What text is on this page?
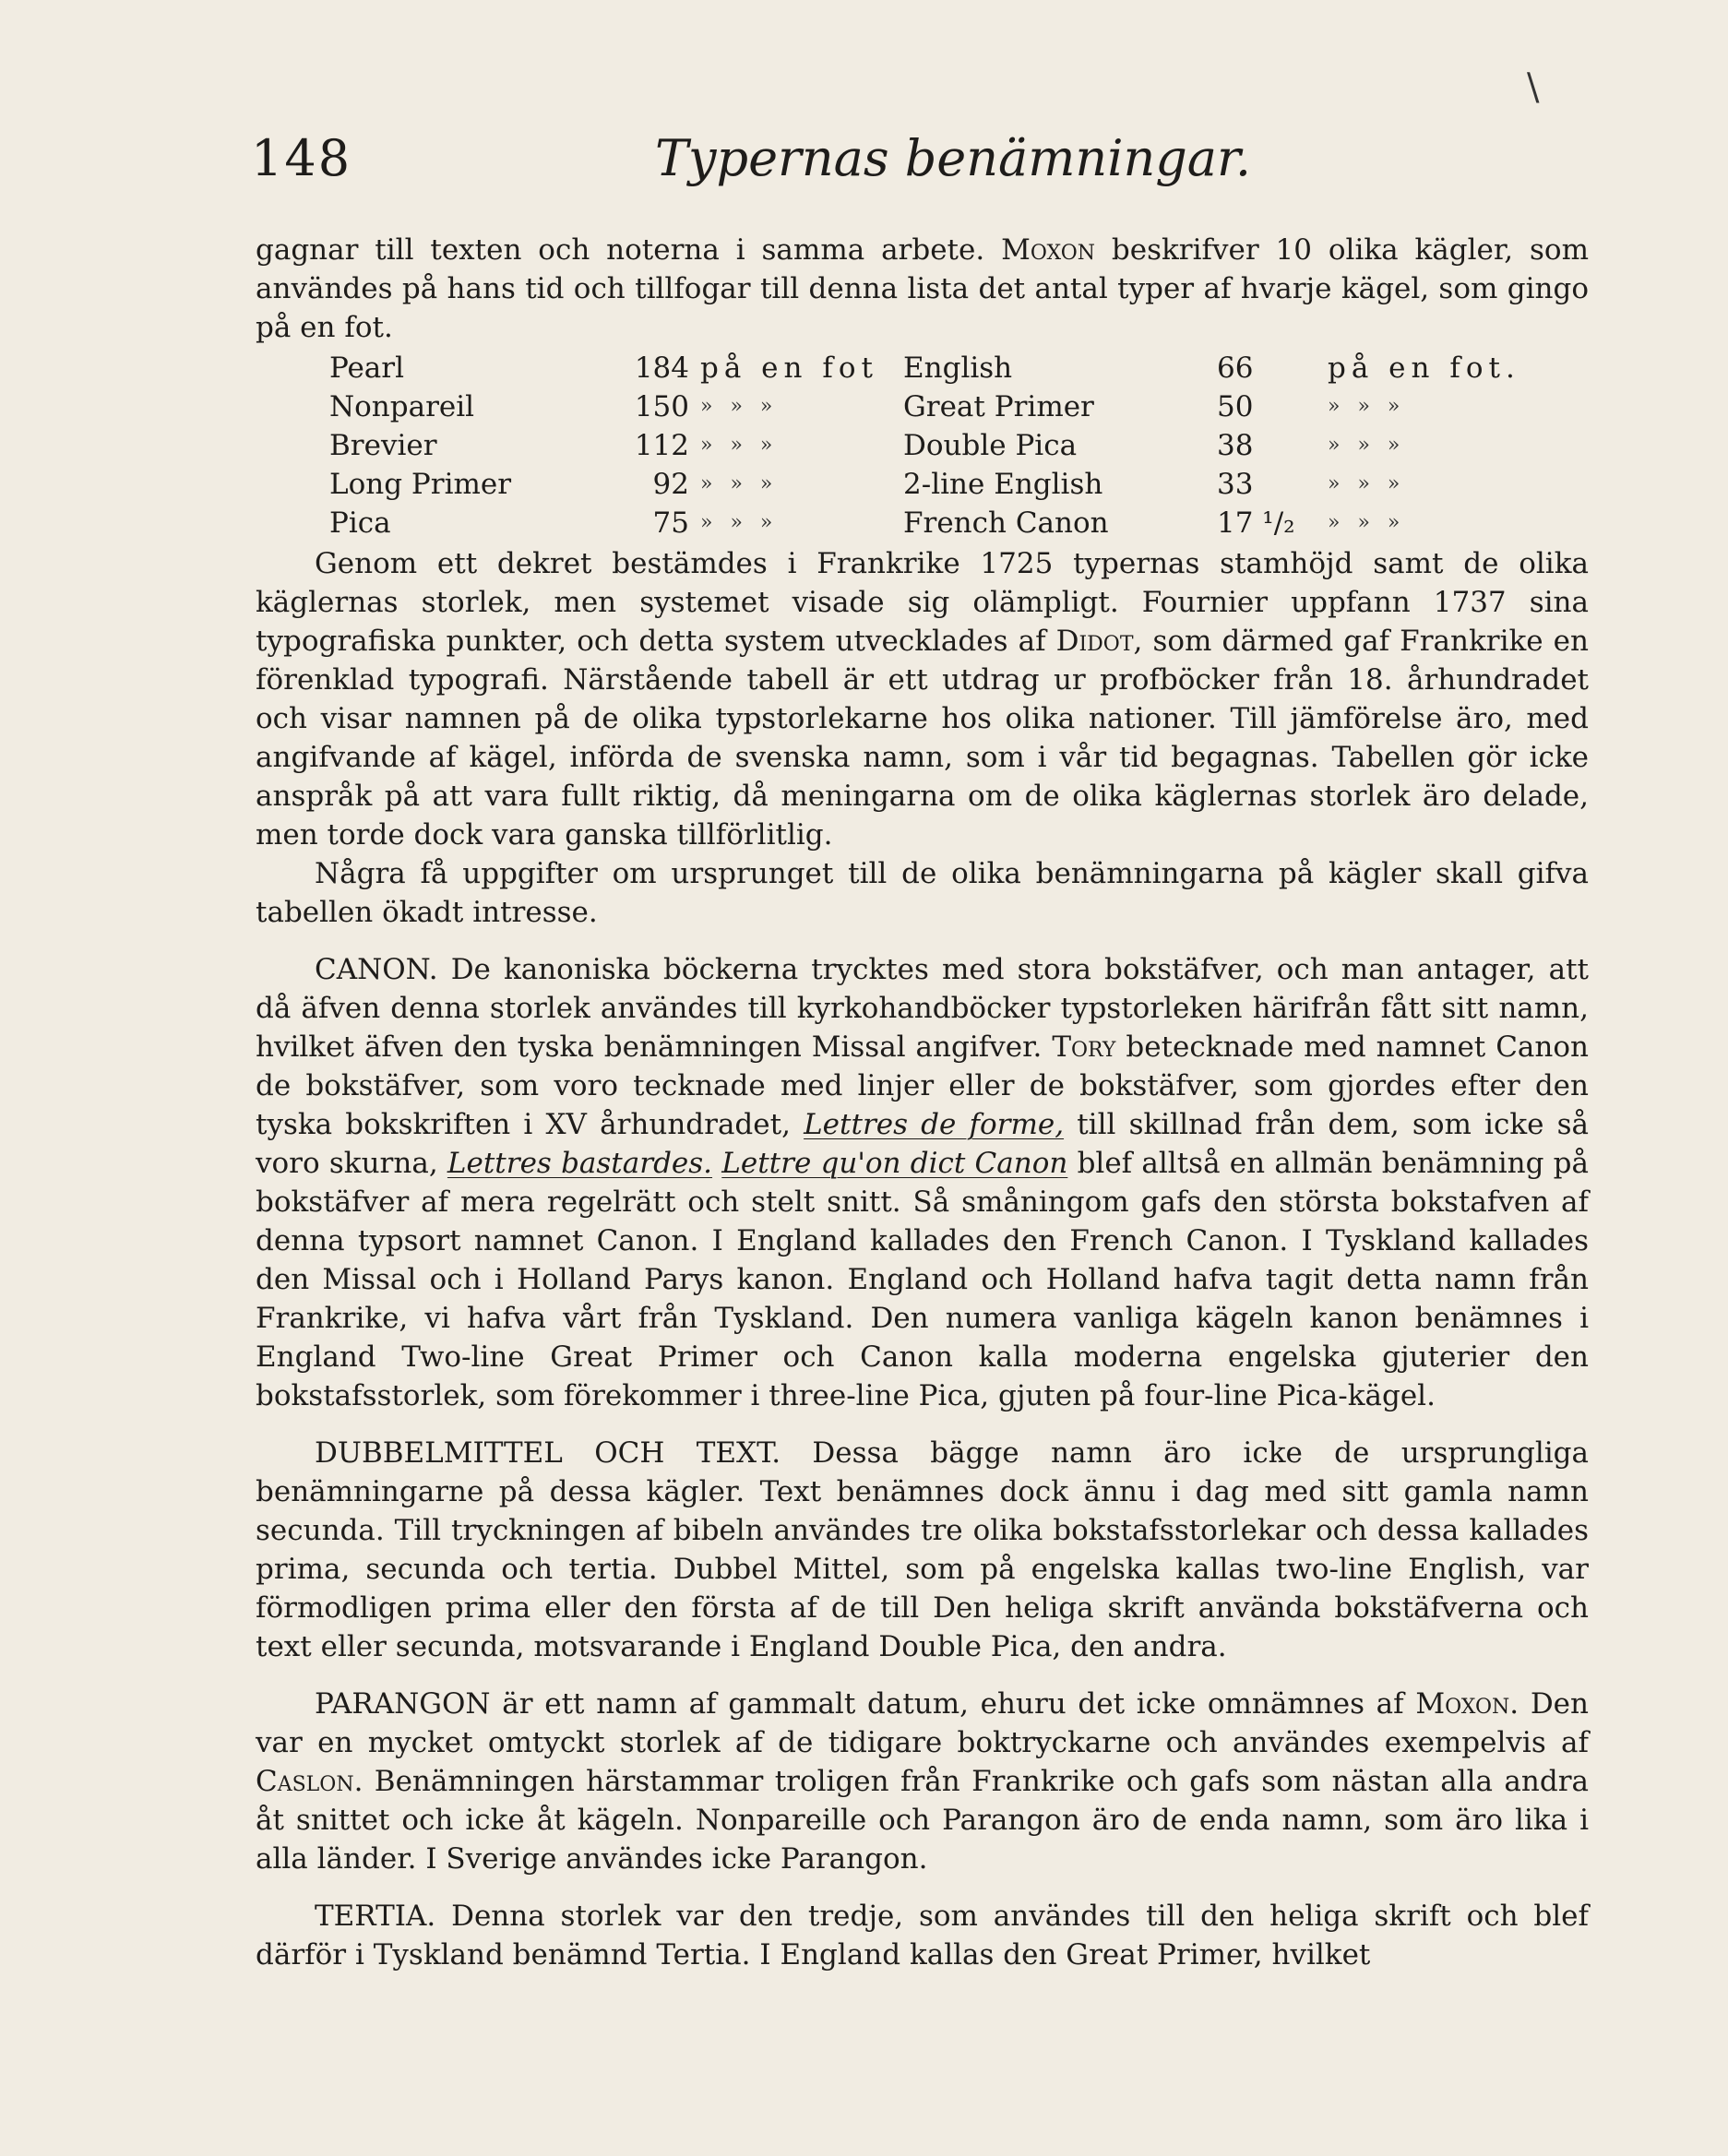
\
148	Typernas benämningar.

gagnar till texten och noterna i samma arbete. Moxon beskrifver 10 olika kägler, som användes på hans tid och tillfogar till denna lista det antal typer af hvarje kägel, som gingo på en fot.

Pearl	184	på en fot	English	66	på en fot.
Nonpareil	150	» » »	Great Primer	50	» » »
Brevier	112	» » »	Double Pica	38	» » »
Long Primer	92	» » »	2-line English	33	» » »
Pica	75	» » »	French Canon	17 ¹/₂	» » »

Genom ett dekret bestämdes i Frankrike 1725 typernas stamhöjd samt de olika käglernas storlek, men systemet visade sig olämpligt. Fournier uppfann 1737 sina typografiska punkter, och detta system utvecklades af Didot, som därmed gaf Frankrike en förenklad typografi. Närstående tabell är ett utdrag ur profböcker från 18. århundradet och visar namnen på de olika typstorlekarne hos olika nationer. Till jämförelse äro, med angifvande af kägel, införda de svenska namn, som i vår tid begagnas. Tabellen gör icke anspråk på att vara fullt riktig, då meningarna om de olika käglernas storlek äro delade, men torde dock vara ganska tillförlitlig.

Några få uppgifter om ursprunget till de olika benämningarna på kägler skall gifva tabellen ökadt intresse.

CANON. De kanoniska böckerna trycktes med stora bokstäfver, och man antager, att då äfven denna storlek användes till kyrkohandböcker typstorleken härifrån fått sitt namn, hvilket äfven den tyska benämningen Missal angifver. Tory betecknade med namnet Canon de bokstäfver, som voro tecknade med linjer eller de bokstäfver, som gjordes efter den tyska bokskriften i XV århundradet, Lettres de forme, till skillnad från dem, som icke så voro skurna, Lettres bastardes. Lettre qu'on dict Canon blef alltså en allmän benämning på bokstäfver af mera regelrätt och stelt snitt. Så småningom gafs den största bokstafven af denna typsort namnet Canon. I England kallades den French Canon. I Tyskland kallades den Missal och i Holland Parys kanon. England och Holland hafva tagit detta namn från Frankrike, vi hafva vårt från Tyskland. Den numera vanliga kägeln kanon benämnes i England Two-line Great Primer och Canon kalla moderna engelska gjuterier den bokstafsstorlek, som förekommer i three-line Pica, gjuten på four-line Pica-kägel.

DUBBELMITTEL OCH TEXT. Dessa bägge namn äro icke de ursprungliga benämningarne på dessa kägler. Text benämnes dock ännu i dag med sitt gamla namn secunda. Till tryckningen af bibeln användes tre olika bokstafsstorlekar och dessa kallades prima, secunda och tertia. Dubbel Mittel, som på engelska kallas two-line English, var förmodligen prima eller den första af de till Den heliga skrift använda bokstäfverna och text eller secunda, motsvarande i England Double Pica, den andra.

PARANGON är ett namn af gammalt datum, ehuru det icke omnämnes af Moxon. Den var en mycket omtyckt storlek af de tidigare boktryckarne och användes exempelvis af Caslon. Benämningen härstammar troligen från Frankrike och gafs som nästan alla andra åt snittet och icke åt kägeln. Nonpareille och Parangon äro de enda namn, som äro lika i alla länder. I Sverige användes icke Parangon.

TERTIA. Denna storlek var den tredje, som användes till den heliga skrift och blef därför i Tyskland benämnd Tertia. I England kallas den Great Primer, hvilket
